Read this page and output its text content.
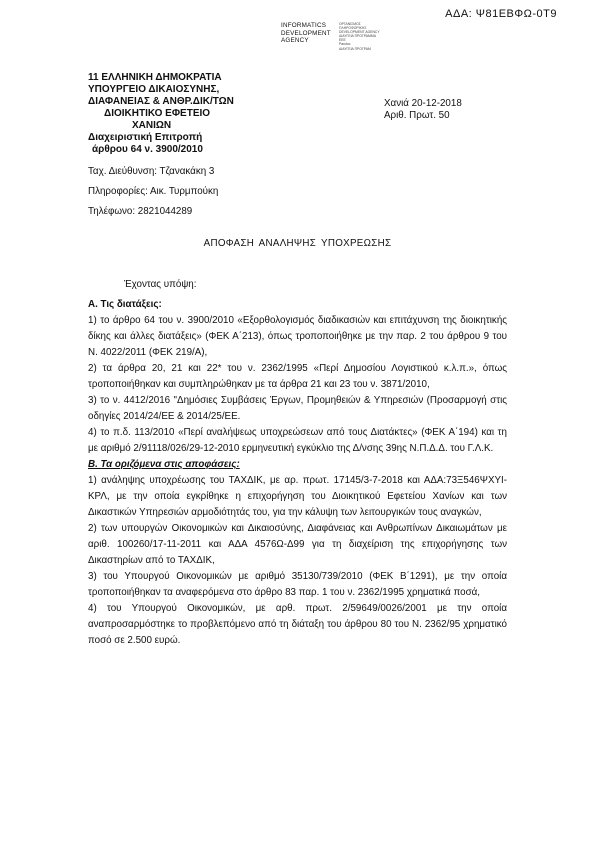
ΑΔΑ: Ψ81ΕΒΦΩ-0Τ9
INFORMATICS
DEVELOPMENT
AGENCY
ΟΡΓΑΝΙΣΜΟΣ
ΠΛΗΡΟΦΟΡΙΚΗΣ
DEVELOPMENT AGENCY
ΔΙΑΥΓΕΙΑ ΠΡΟΓΡΑΜΜΑ
ΕΕΕ
Pandoc
ΔΙΑΥΓΕΙΑ ΠΡΟΓΡΑΜ
11 ΕΛΛΗΝΙΚΗ ΔΗΜΟΚΡΑΤΙΑ
ΥΠΟΥΡΓΕΙΟ ΔΙΚΑΙΟΣΥΝΗΣ,
ΔΙΑΦΑΝΕΙΑΣ & ΑΝΘΡ.ΔΙΚ/ΤΩΝ
ΔΙΟΙΚΗΤΙΚΟ ΕΦΕΤΕΙΟ
ΧΑΝΙΩΝ
Διαχειριστική Επιτροπή
άρθρου 64 ν. 3900/2010
Χανιά 20-12-2018
Αριθ. Πρωτ. 50
Ταχ. Διεύθυνση: Τζανακάκη 3
Πληροφορίες: Αικ. Τυρμπούκη
Τηλέφωνο: 2821044289
ΑΠΟΦΑΣΗ ΑΝΑΛΗΨΗΣ ΥΠΟΧΡΕΩΣΗΣ

Έχοντας υπόψη:

Α. Τις διατάξεις:

1) το άρθρο 64 του ν. 3900/2010 «Εξορθολογισμός διαδικασιών και επιτάχυνση της διοικητικής δίκης και άλλες διατάξεις» (ΦΕΚ Α΄213), όπως τροποποιήθηκε με την παρ. 2 του άρθρου 9 του Ν. 4022/2011 (ΦΕΚ 219/Α),

2) τα άρθρα 20, 21 και 22* του ν. 2362/1995 «Περί Δημοσίου Λογιστικού κ.λ.π.», όπως τροποποιήθηκαν και συμπληρώθηκαν με τα άρθρα 21 και 23 του ν. 3871/2010,

3) το ν. 4412/2016 "Δημόσιες Συμβάσεις Έργων, Προμηθειών & Υπηρεσιών (Προσαρμογή στις οδηγίες 2014/24/ΕΕ & 2014/25/ΕΕ.

4) το π.δ. 113/2010 «Περί αναλήψεως υποχρεώσεων από τους Διατάκτες» (ΦΕΚ Α΄194) και τη με αριθμό 2/91118/026/29-12-2010 ερμηνευτική εγκύκλιο της Δ/νσης 39ης Ν.Π.Δ.Δ. του Γ.Λ.Κ.

Β. Τα οριζόμενα στις αποφάσεις:

1) ανάληψης υποχρέωσης του ΤΑΧΔΙΚ, με αρ. πρωτ. 17145/3-7-2018 και ΑΔΑ:73Ξ546ΨΧΥΙ-ΚΡΛ, με την οποία εγκρίθηκε η επιχορήγηση του Διοικητικού Εφετείου Χανίων και των Δικαστικών Υπηρεσιών αρμοδιότητάς του, για την κάλυψη των λειτουργικών τους αναγκών,

2) των υπουργών Οικονομικών και Δικαιοσύνης, Διαφάνειας και Ανθρωπίνων Δικαιωμάτων με αριθ. 100260/17-11-2011 και ΑΔΑ 4576Ω-Δ99 για τη διαχείριση της επιχορήγησης των Δικαστηρίων από το ΤΑΧΔΙΚ,

3) του Υπουργού Οικονομικών με αριθμό 35130/739/2010 (ΦΕΚ Β΄1291), με την οποία τροποποιήθηκαν τα αναφερόμενα στο άρθρο 83 παρ. 1 του ν. 2362/1995 χρηματικά ποσά,

4) του Υπουργού Οικονομικών, με αρθ. πρωτ. 2/59649/0026/2001 με την οποία αναπροσαρμόστηκε το προβλεπόμενο από τη διάταξη του άρθρου 80 του Ν. 2362/95 χρηματικό ποσό σε 2.500 ευρώ.
